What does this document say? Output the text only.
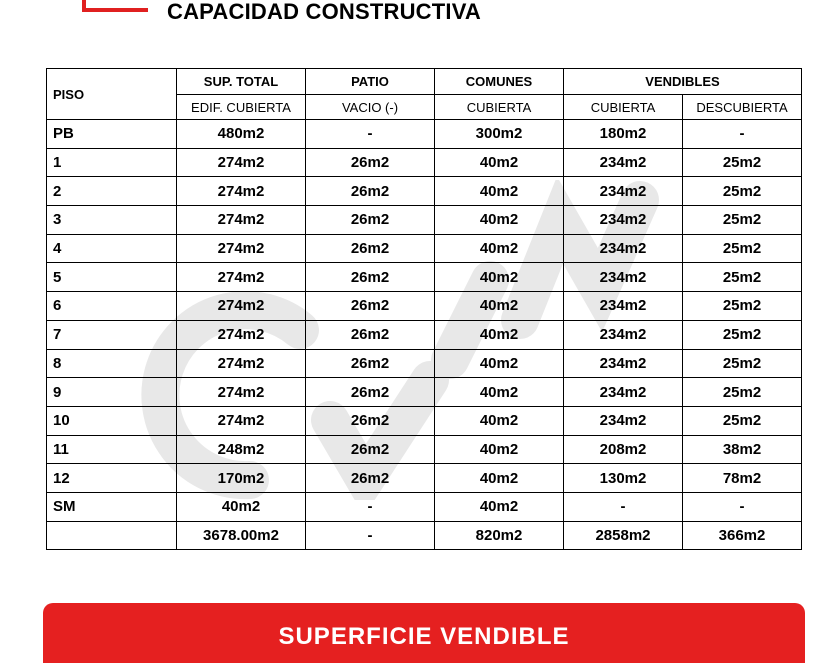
CAPACIDAD CONSTRUCTIVA
PISO	SUP. TOTAL	PATIO	COMUNES	VENDIBLES	
	EDIF. CUBIERTA	VACIO (-)	CUBIERTA	CUBIERTA	DESCUBIERTA
PB	480m2	-	300m2	180m2	-
1	274m2	26m2	40m2	234m2	25m2
2	274m2	26m2	40m2	234m2	25m2
3	274m2	26m2	40m2	234m2	25m2
4	274m2	26m2	40m2	234m2	25m2
5	274m2	26m2	40m2	234m2	25m2
6	274m2	26m2	40m2	234m2	25m2
7	274m2	26m2	40m2	234m2	25m2
8	274m2	26m2	40m2	234m2	25m2
9	274m2	26m2	40m2	234m2	25m2
10	274m2	26m2	40m2	234m2	25m2
11	248m2	26m2	40m2	208m2	38m2
12	170m2	26m2	40m2	130m2	78m2
SM	40m2	-	40m2	-	-
	3678.00m2	-	820m2	2858m2	366m2
SUPERFICIE VENDIBLE
